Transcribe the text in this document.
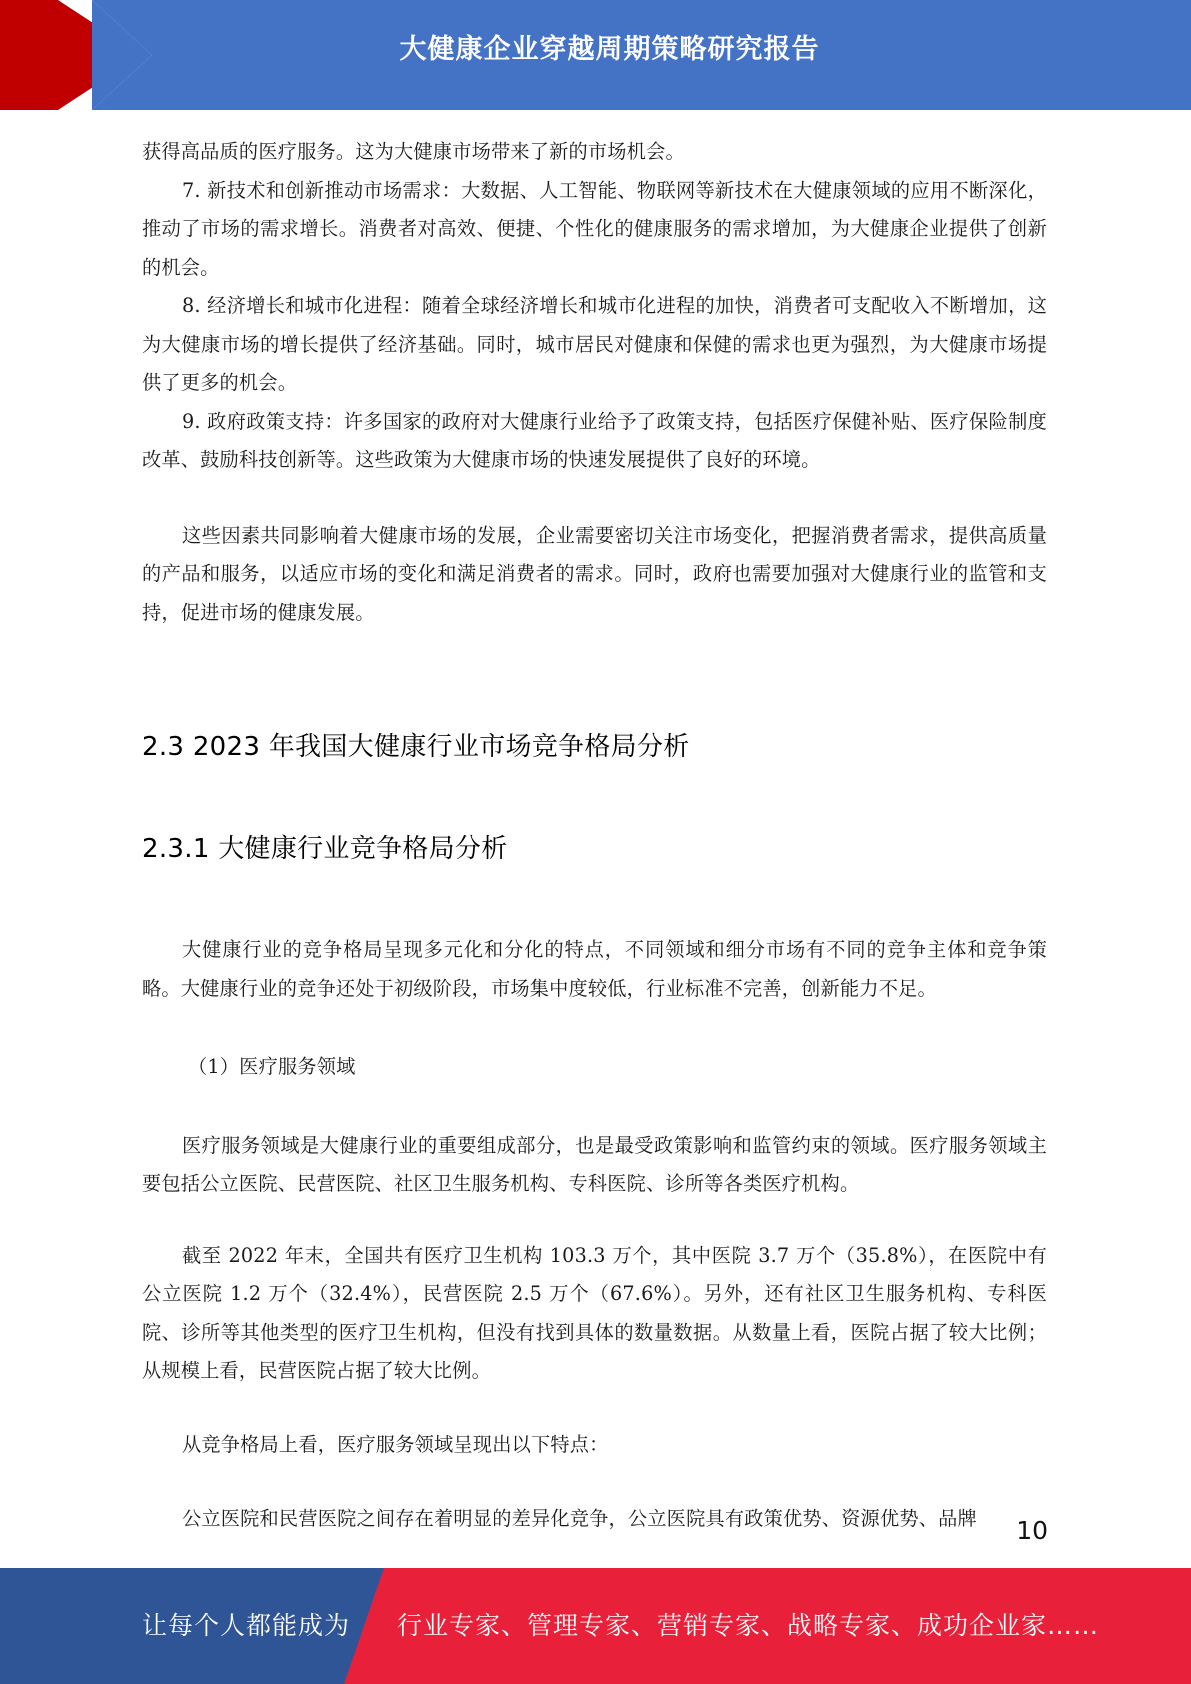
大健康企业穿越周期策略研究报告

获得高品质的医疗服务。这为大健康市场带来了新的市场机会。

7. 新技术和创新推动市场需求：大数据、人工智能、物联网等新技术在大健康领域的应用不断深化，推动了市场的需求增长。消费者对高效、便捷、个性化的健康服务的需求增加，为大健康企业提供了创新的机会。

8. 经济增长和城市化进程：随着全球经济增长和城市化进程的加快，消费者可支配收入不断增加，这为大健康市场的增长提供了经济基础。同时，城市居民对健康和保健的需求也更为强烈，为大健康市场提供了更多的机会。

9. 政府政策支持：许多国家的政府对大健康行业给予了政策支持，包括医疗保健补贴、医疗保险制度改革、鼓励科技创新等。这些政策为大健康市场的快速发展提供了良好的环境。

这些因素共同影响着大健康市场的发展，企业需要密切关注市场变化，把握消费者需求，提供高质量的产品和服务，以适应市场的变化和满足消费者的需求。同时，政府也需要加强对大健康行业的监管和支持，促进市场的健康发展。

2.3 2023 年我国大健康行业市场竞争格局分析
2.3.1 大健康行业竞争格局分析

大健康行业的竞争格局呈现多元化和分化的特点，不同领域和细分市场有不同的竞争主体和竞争策略。大健康行业的竞争还处于初级阶段，市场集中度较低，行业标准不完善，创新能力不足。

（1）医疗服务领域

医疗服务领域是大健康行业的重要组成部分，也是最受政策影响和监管约束的领域。医疗服务领域主要包括公立医院、民营医院、社区卫生服务机构、专科医院、诊所等各类医疗机构。

截至 2022 年末，全国共有医疗卫生机构 103.3 万个，其中医院 3.7 万个（35.8%），在医院中有公立医院 1.2 万个（32.4%），民营医院 2.5 万个（67.6%）。另外，还有社区卫生服务机构、专科医院、诊所等其他类型的医疗卫生机构，但没有找到具体的数量数据。从数量上看，医院占据了较大比例；从规模上看，民营医院占据了较大比例。

从竞争格局上看，医疗服务领域呈现出以下特点：

公立医院和民营医院之间存在着明显的差异化竞争，公立医院具有政策优势、资源优势、品牌	10
让每个人都能成为 行业专家、管理专家、营销专家、战略专家、成功企业家……
